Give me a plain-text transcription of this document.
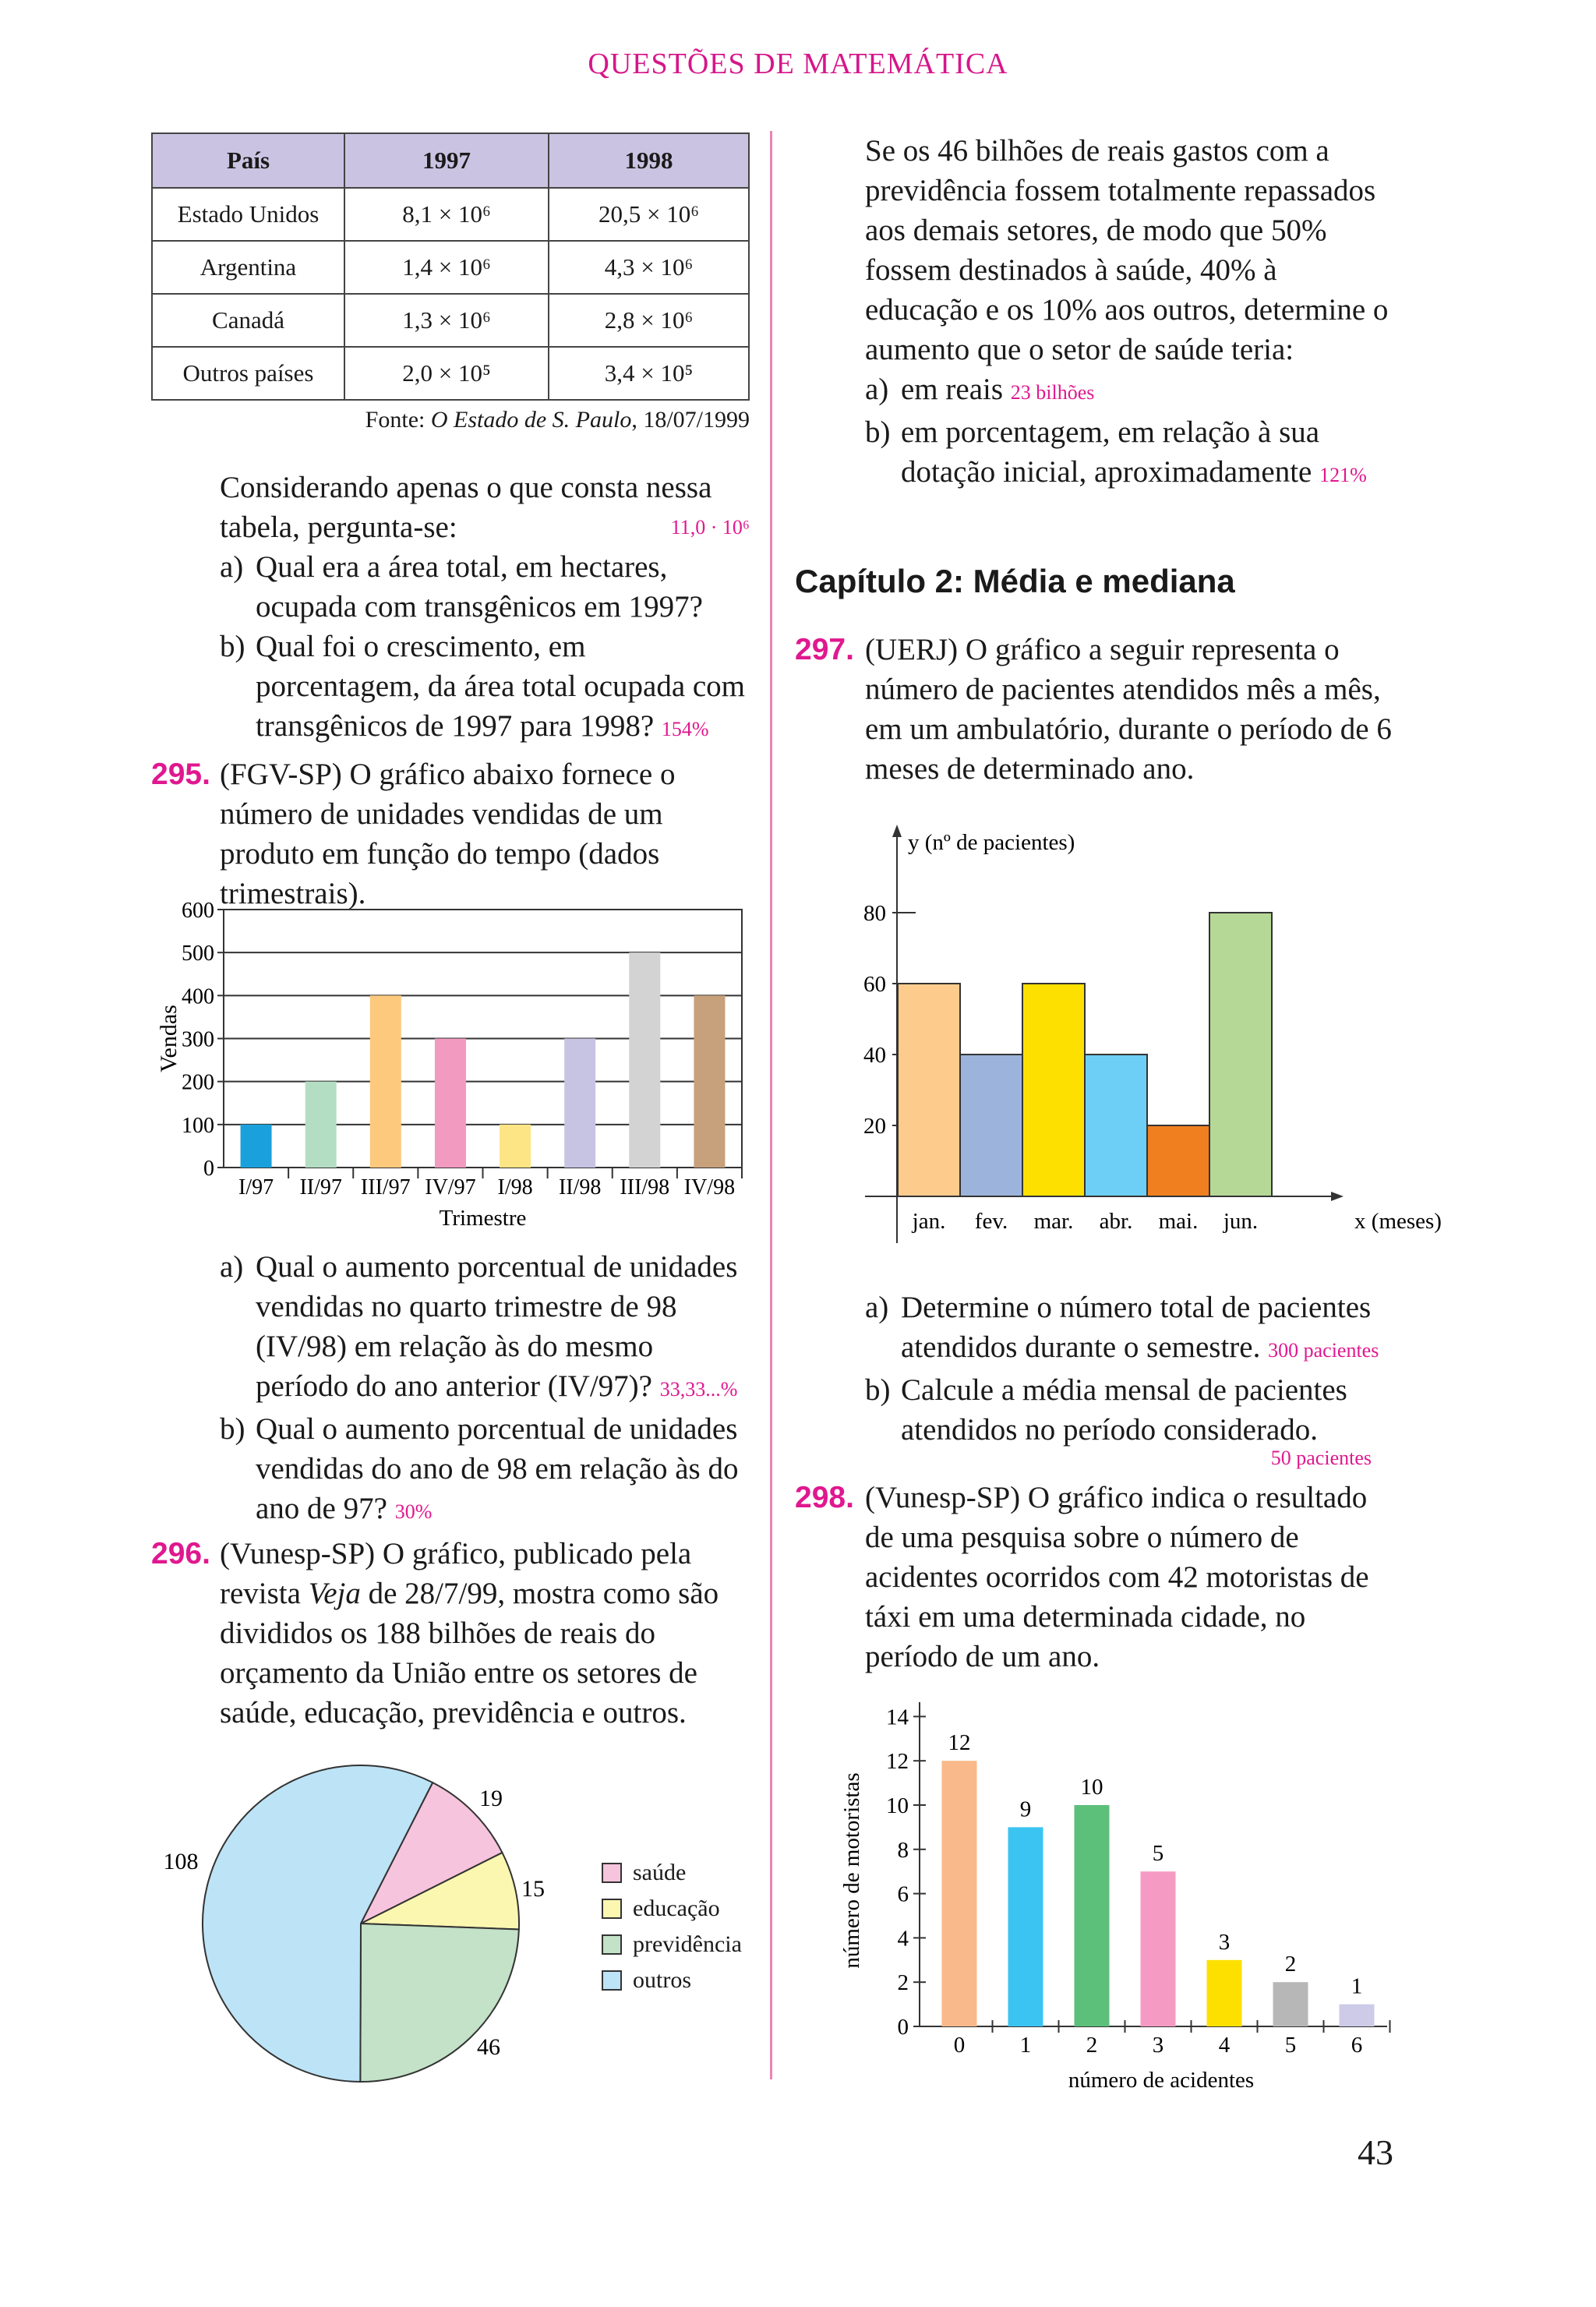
QUESTÕES DE MATEMÁTICA
País	1997	1998
Estado Unidos	8,1 × 10⁶	20,5 × 10⁶
Argentina	1,4 × 10⁶	4,3 × 10⁶
Canadá	1,3 × 10⁶	2,8 × 10⁶
Outros países	2,0 × 10⁵	3,4 × 10⁵
Fonte: O Estado de S. Paulo, 18/07/1999

Considerando apenas o que consta nessa tabela, pergunta-se:	11,0 · 10⁶
a) Qual era a área total, em hectares, ocupada com transgênicos em 1997?
b) Qual foi o crescimento, em porcentagem, da área total ocupada com transgênicos de 1997 para 1998? 154%

295. (FGV-SP) O gráfico abaixo fornece o número de unidades vendidas de um produto em função do tempo (dados trimestrais).

0
100
200
300
400
500
600
I/97 II/97 III/97 IV/97 I/98 II/98 III/98 IV/98
Trimestre
Vendas
a) Qual o aumento porcentual de unidades vendidas no quarto trimestre de 98 (IV/98) em relação às do mesmo período do ano anterior (IV/97)? 33,33...%
b) Qual o aumento porcentual de unidades vendidas do ano de 98 em relação às do ano de 97? 30%

296. (Vunesp-SP) O gráfico, publicado pela revista Veja de 28/7/99, mostra como são divididos os 188 bilhões de reais do orçamento da União entre os setores de saúde, educação, previdência e outros.

19
15
46
108	saúde
educação
previdência
outros

Se os 46 bilhões de reais gastos com a previdência fossem totalmente repassados aos demais setores, de modo que 50% fossem destinados à saúde, 40% à educação e os 10% aos outros, determine o aumento que o setor de saúde teria:

a) em reais 23 bilhões
b) em porcentagem, em relação à sua dotação inicial, aproximadamente 121%
Capítulo 2: Média e mediana

297. (UERJ) O gráfico a seguir representa o número de pacientes atendidos mês a mês, em um ambulatório, durante o período de 6 meses de determinado ano.

y (nº de pacientes)
x (meses)
20
40
60
80
jan. fev. mar. abr. mai. jun.
a) Determine o número total de pacientes atendidos durante o semestre. 300 pacientes
b) Calcule a média mensal de pacientes atendidos no período considerado.
50 pacientes

298. (Vunesp-SP) O gráfico indica o resultado de uma pesquisa sobre o número de acidentes ocorridos com 42 motoristas de táxi em uma determinada cidade, no período de um ano.

0
2
4
6
8
10
12
14
0
12
1
9
2
10
3
5
4
3
5
2
6
1
número de acidentes
número de motoristas
43
